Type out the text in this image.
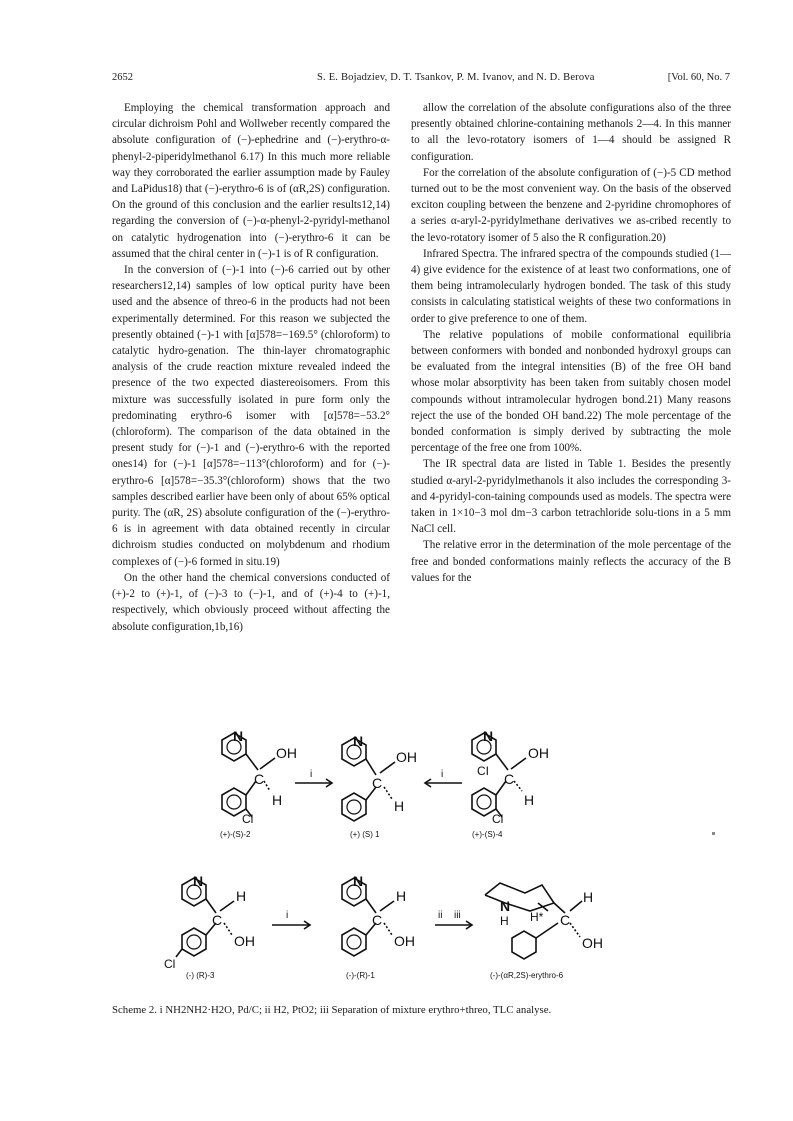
2652	S. E. Bojadziev, D. T. Tsankov, P. M. Ivanov, and N. D. Berova	[Vol. 60, No. 7

Employing the chemical transformation approach and circular dichroism Pohl and Wollweber recently compared the absolute configuration of (−)-ephedrine and (−)-erythro-α-phenyl-2-piperidylmethanol 6.17) In this much more reliable way they corroborated the earlier assumption made by Fauley and LaPidus18) that (−)-erythro-6 is of (αR,2S) configuration. On the ground of this conclusion and the earlier results12,14) regarding the conversion of (−)-α-phenyl-2-pyridyl-methanol on catalytic hydrogenation into (−)-erythro-6 it can be assumed that the chiral center in (−)-1 is of R configuration.

In the conversion of (−)-1 into (−)-6 carried out by other researchers12,14) samples of low optical purity have been used and the absence of threo-6 in the products had not been experimentally determined. For this reason we subjected the presently obtained (−)-1 with [α]578=−169.5° (chloroform) to catalytic hydro-genation. The thin-layer chromatographic analysis of the crude reaction mixture revealed indeed the presence of the two expected diastereoisomers. From this mixture was successfully isolated in pure form only the predominating erythro-6 isomer with [α]578=−53.2°(chloroform). The comparison of the data obtained in the present study for (−)-1 and (−)-erythro-6 with the reported ones14) for (−)-1 [α]578=−113°(chloroform) and for (−)-erythro-6 [α]578=−35.3°(chloroform) shows that the two samples described earlier have been only of about 65% optical purity. The (αR, 2S) absolute configuration of the (−)-erythro-6 is in agreement with data obtained recently in circular dichroism studies conducted on molybdenum and rhodium complexes of (−)-6 formed in situ.19)

On the other hand the chemical conversions conducted of (+)-2 to (+)-1, of (−)-3 to (−)-1, and of (+)-4 to (+)-1, respectively, which obviously proceed without affecting the absolute configuration,1b,16)

allow the correlation of the absolute configurations also of the three presently obtained chlorine-containing methanols 2—4. In this manner to all the levo-rotatory isomers of 1—4 should be assigned R configuration.

For the correlation of the absolute configuration of (−)-5 CD method turned out to be the most convenient way. On the basis of the observed exciton coupling between the benzene and 2-pyridine chromophores of a series α-aryl-2-pyridylmethane derivatives we as-cribed recently to the levo-rotatory isomer of 5 also the R configuration.20)

Infrared Spectra. The infrared spectra of the compounds studied (1—4) give evidence for the existence of at least two conformations, one of them being intramolecularly hydrogen bonded. The task of this study consists in calculating statistical weights of these two conformations in order to give preference to one of them.

The relative populations of mobile conformational equilibria between conformers with bonded and nonbonded hydroxyl groups can be evaluated from the integral intensities (B) of the free OH band whose molar absorptivity has been taken from suitably chosen model compounds without intramolecular hydrogen bond.21) Many reasons reject the use of the bonded OH band.22) The mole percentage of the bonded conformation is simply derived by subtracting the mole percentage of the free one from 100%.

The IR spectral data are listed in Table 1. Besides the presently studied α-aryl-2-pyridylmethanols it also includes the corresponding 3- and 4-pyridyl-con-taining compounds used as models. The spectra were taken in 1×10−3 mol dm−3 carbon tetrachloride solu-tions in a 5 mm NaCl cell.

The relative error in the determination of the mole percentage of the free and bonded conformations mainly reflects the accuracy of the B values for the

N
OH
C
H
Cl
i
N
OH
C
H
i
N
OH
C
H
CI
Cl
N
H
C
OH
Cl
i
N
H
C
OH
ii iii
N
H H*
H
C
OH
(+)-(S)-2	(+) (S) 1	(+)-(S)-4
(-) (R)-3	(-)-(R)-1	(-)-(αR,2S)-erythro-6
Scheme 2. i NH2NH2·H2O, Pd/C; ii H2, PtO2; iii Separation of mixture erythro+threo, TLC analyse.
